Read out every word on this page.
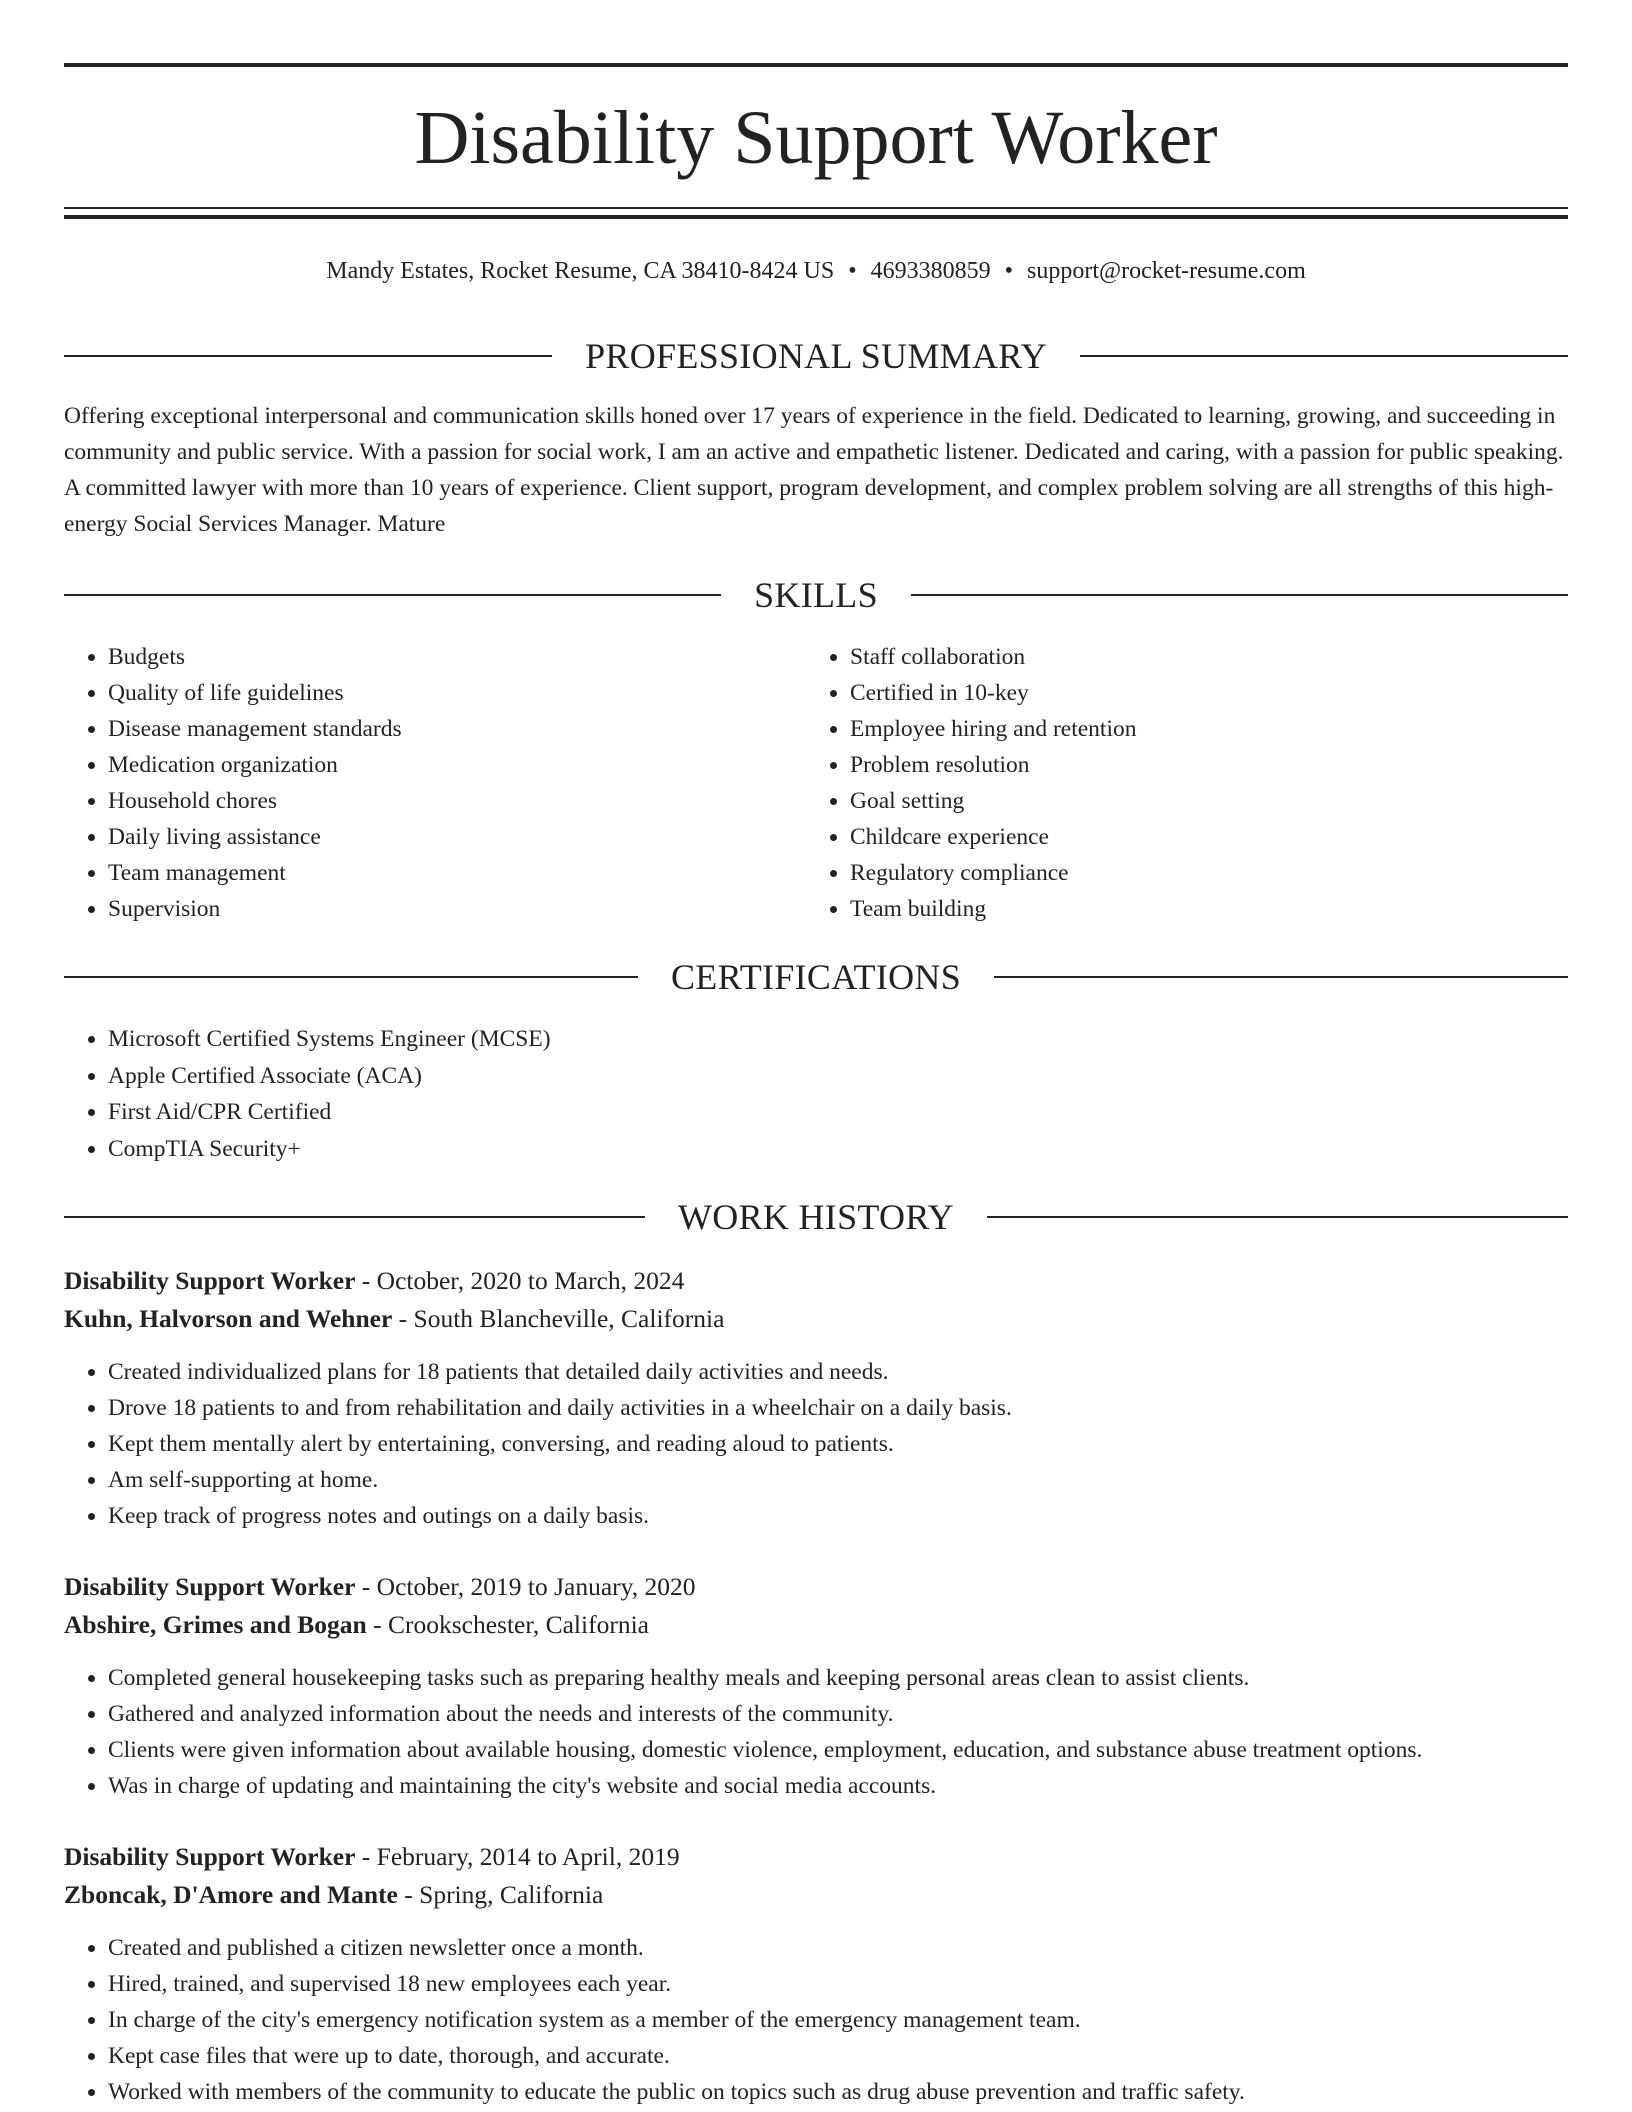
Disability Support Worker
Mandy Estates, Rocket Resume, CA 38410-8424 US • 4693380859 • support@rocket-resume.com
PROFESSIONAL SUMMARY

Offering exceptional interpersonal and communication skills honed over 17 years of experience in the field. Dedicated to learning, growing, and succeeding in community and public service. With a passion for social work, I am an active and empathetic listener. Dedicated and caring, with a passion for public speaking. A committed lawyer with more than 10 years of experience. Client support, program development, and complex problem solving are all strengths of this high-energy Social Services Manager. Mature

SKILLS
• Budgets
• Quality of life guidelines
• Disease management standards
• Medication organization
• Household chores
• Daily living assistance
• Team management
• Supervision
• Staff collaboration
• Certified in 10-key
• Employee hiring and retention
• Problem resolution
• Goal setting
• Childcare experience
• Regulatory compliance
• Team building
CERTIFICATIONS
• Microsoft Certified Systems Engineer (MCSE)
• Apple Certified Associate (ACA)
• First Aid/CPR Certified
• CompTIA Security+
WORK HISTORY

Disability Support Worker - October, 2020 to March, 2024

Kuhn, Halvorson and Wehner - South Blancheville, California

• Created individualized plans for 18 patients that detailed daily activities and needs.
• Drove 18 patients to and from rehabilitation and daily activities in a wheelchair on a daily basis.
• Kept them mentally alert by entertaining, conversing, and reading aloud to patients.
• Am self-supporting at home.
• Keep track of progress notes and outings on a daily basis.

Disability Support Worker - October, 2019 to January, 2020

Abshire, Grimes and Bogan - Crookschester, California

• Completed general housekeeping tasks such as preparing healthy meals and keeping personal areas clean to assist clients.
• Gathered and analyzed information about the needs and interests of the community.
• Clients were given information about available housing, domestic violence, employment, education, and substance abuse treatment options.
• Was in charge of updating and maintaining the city's website and social media accounts.

Disability Support Worker - February, 2014 to April, 2019

Zboncak, D'Amore and Mante - Spring, California

• Created and published a citizen newsletter once a month.
• Hired, trained, and supervised 18 new employees each year.
• In charge of the city's emergency notification system as a member of the emergency management team.
• Kept case files that were up to date, thorough, and accurate.
• Worked with members of the community to educate the public on topics such as drug abuse prevention and traffic safety.
